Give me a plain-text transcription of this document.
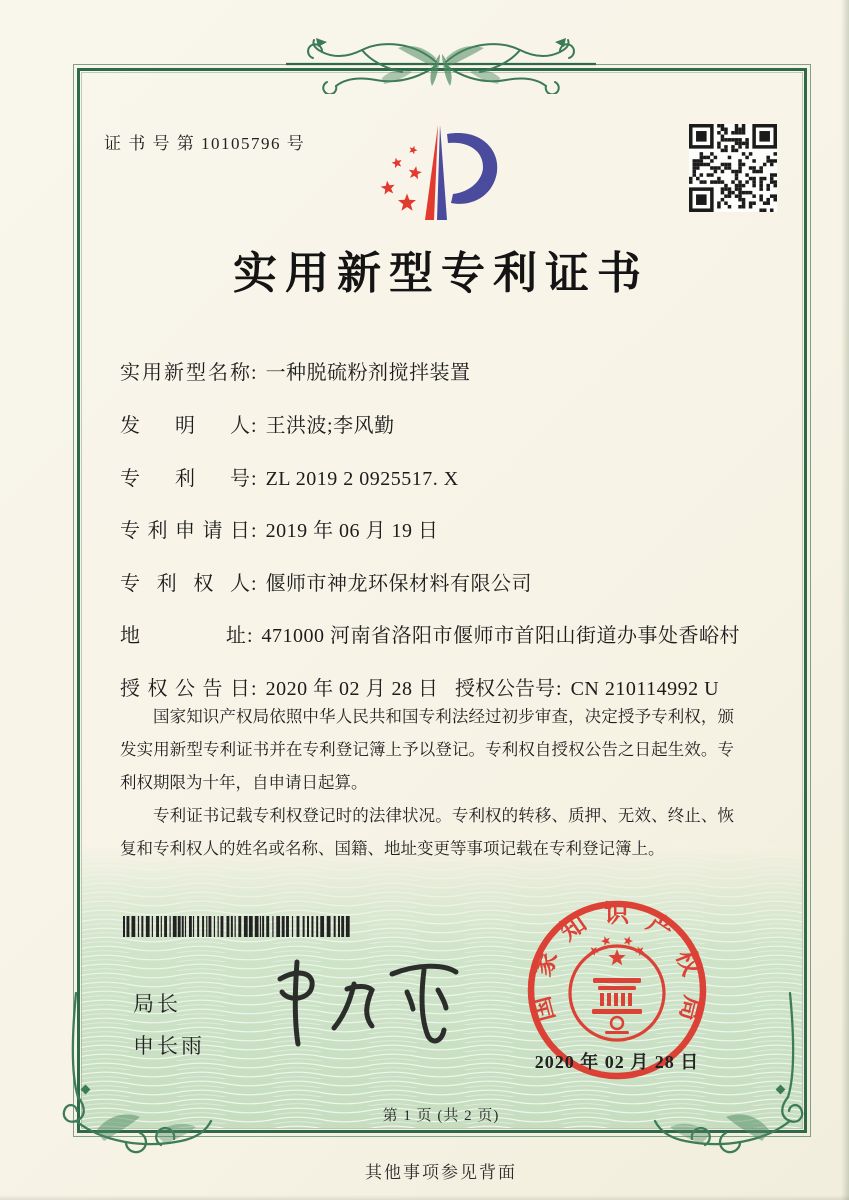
证 书 号 第 10105796 号
实用新型专利证书
实用新型名称 : 一种脱硫粉剂搅拌装置
发明人 : 王洪波;李风勤
专利号 : ZL 2019 2 0925517. X
专利申请日 : 2019 年 06 月 19 日
专利权人 : 偃师市神龙环保材料有限公司
地址 : 471000 河南省洛阳市偃师市首阳山街道办事处香峪村
授权公告日 : 2020 年 02 月 28 日 授权公告号 : CN 210114992 U

国家知识产权局依照中华人民共和国专利法经过初步审查，决定授予专利权，颁发实用新型专利证书并在专利登记簿上予以登记。专利权自授权公告之日起生效。专利权期限为十年，自申请日起算。

专利证书记载专利权登记时的法律状况。专利权的转移、质押、无效、终止、恢复和专利权人的姓名或名称、国籍、地址变更等事项记载在专利登记簿上。

局长
申长雨
国家知识产权局
2020 年 02 月 28 日
第 1 页 (共 2 页)
其他事项参见背面
